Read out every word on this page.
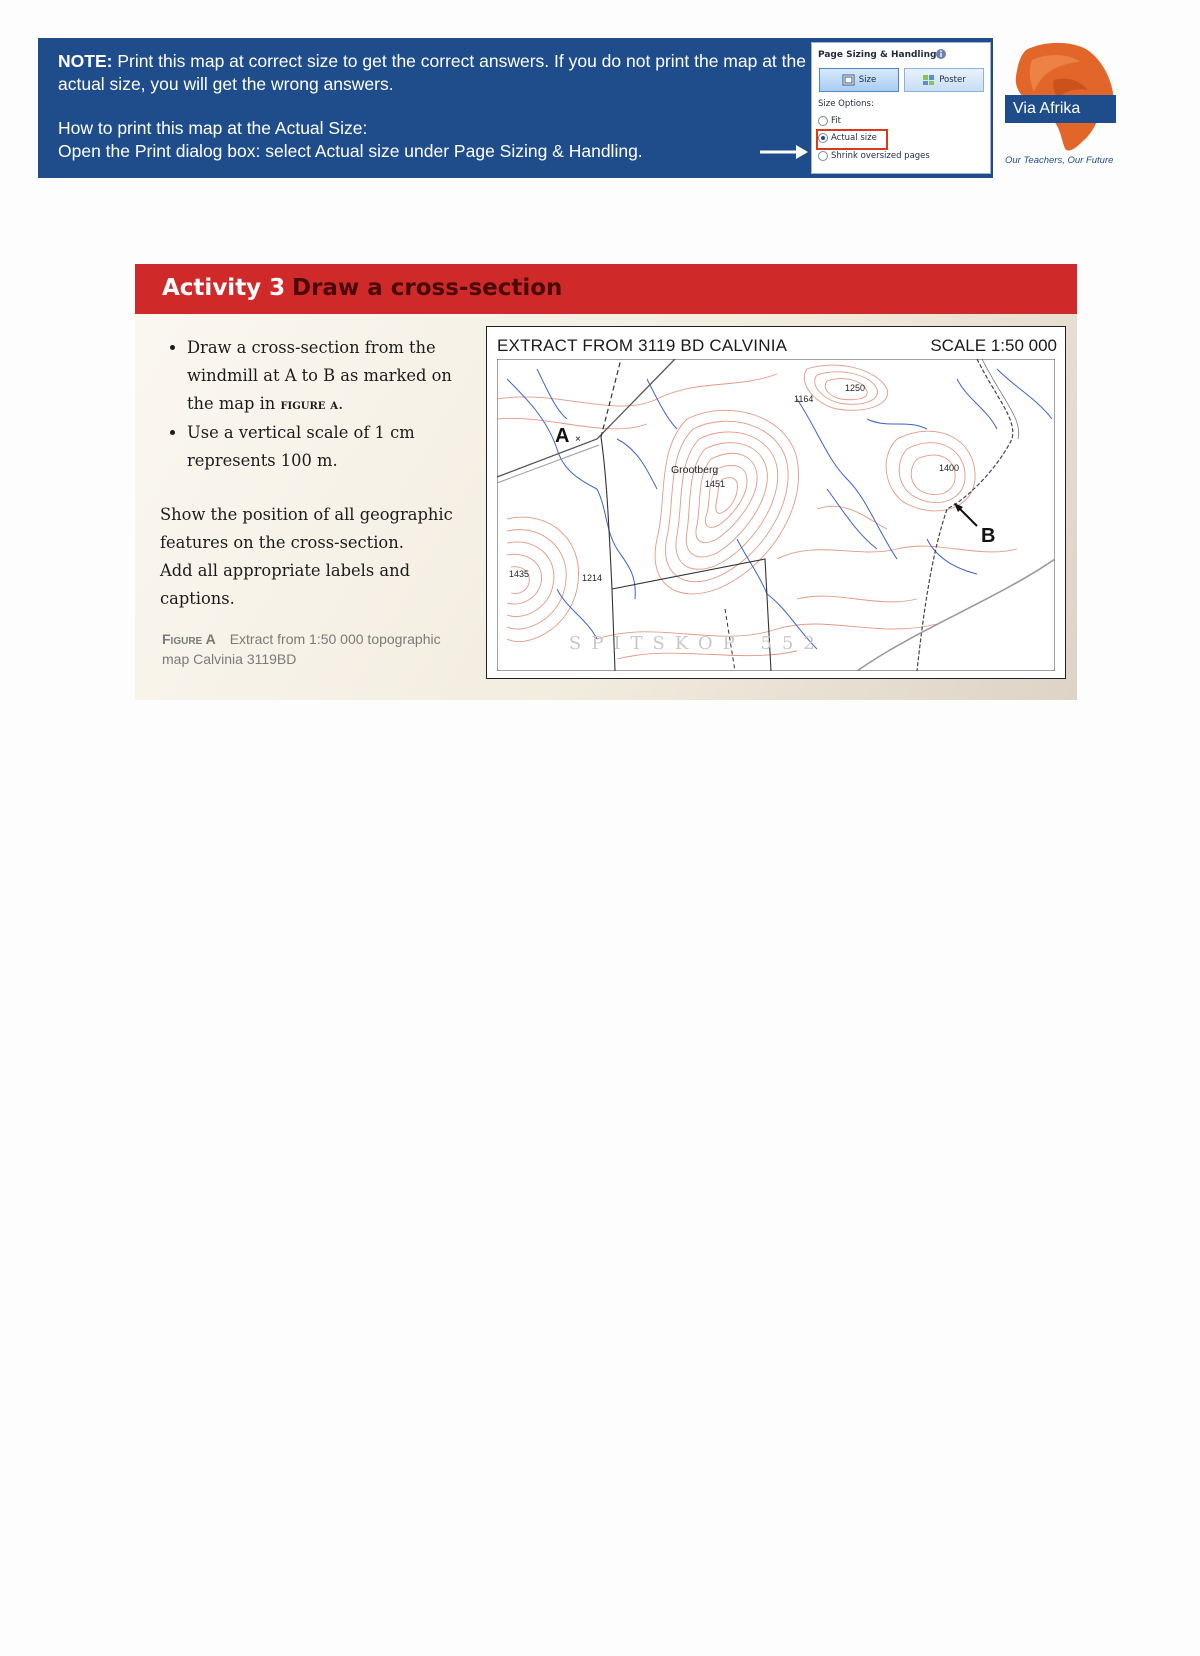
NOTE: Print this map at correct size to get the correct answers. If you do not print the map at the actual size, you will get the wrong answers.

How to print this map at the Actual Size:
Open the Print dialog box: select Actual size under Page Sizing & Handling.
Page Sizing & Handling
Size	Poster
Size Options:
Fit
Actual size
Shrink oversized pages
Via Afrika
Our Teachers, Our Future
Activity 3 Draw a cross-section
• Draw a cross-section from the windmill at A to B as marked on the map in figure a.
• Use a vertical scale of 1 cm represents 100 m.

Show the position of all geographic features on the cross-section.

Add all appropriate labels and captions.

Figure A Extract from 1:50 000 topographic map Calvinia 3119BD
EXTRACT FROM 3119 BD CALVINIA	SCALE 1:50 000
A ×
B
Grootberg
1250
1164
1451
1400
1435	1214
SPITSKOP 552
